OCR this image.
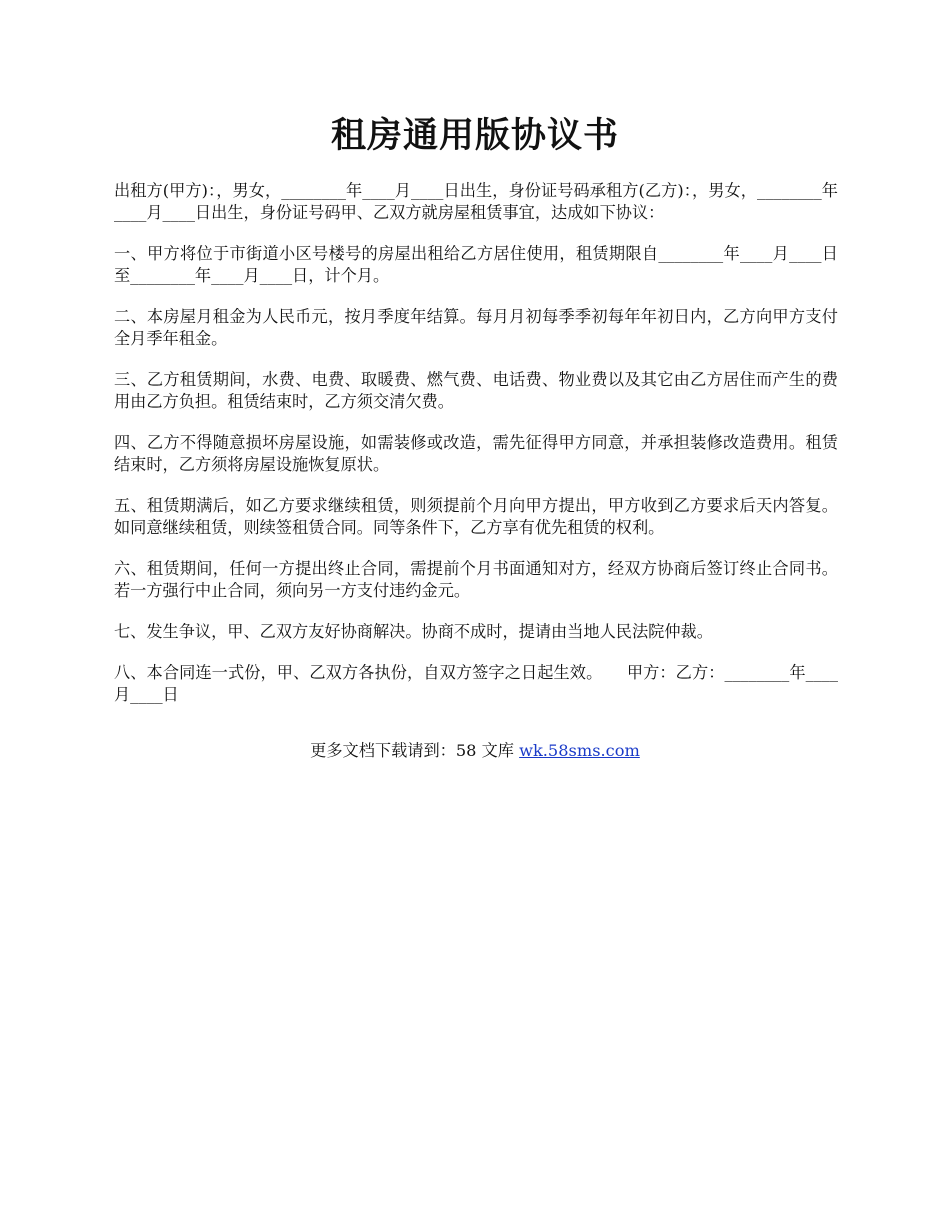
租房通用版协议书

出租方(甲方)：，男女，________年____月____日出生，身份证号码承租方(乙方)：，男女，________年____月____日出生，身份证号码甲、乙双方就房屋租赁事宜，达成如下协议：

一、甲方将位于市街道小区号楼号的房屋出租给乙方居住使用，租赁期限自________年____月____日至________年____月____日，计个月。

二、本房屋月租金为人民币元，按月季度年结算。每月月初每季季初每年年初日内，乙方向甲方支付全月季年租金。

三、乙方租赁期间，水费、电费、取暖费、燃气费、电话费、物业费以及其它由乙方居住而产生的费用由乙方负担。租赁结束时，乙方须交清欠费。

四、乙方不得随意损坏房屋设施，如需装修或改造，需先征得甲方同意，并承担装修改造费用。租赁结束时，乙方须将房屋设施恢复原状。

五、租赁期满后，如乙方要求继续租赁，则须提前个月向甲方提出，甲方收到乙方要求后天内答复。如同意继续租赁，则续签租赁合同。同等条件下，乙方享有优先租赁的权利。

六、租赁期间，任何一方提出终止合同，需提前个月书面通知对方，经双方协商后签订终止合同书。若一方强行中止合同，须向另一方支付违约金元。

七、发生争议，甲、乙双方友好协商解决。协商不成时，提请由当地人民法院仲裁。

八、本合同连一式份，甲、乙双方各执份，自双方签字之日起生效。　　甲方：乙方：________年____月____日

更多文档下载请到：58 文库 wk.58sms.com
